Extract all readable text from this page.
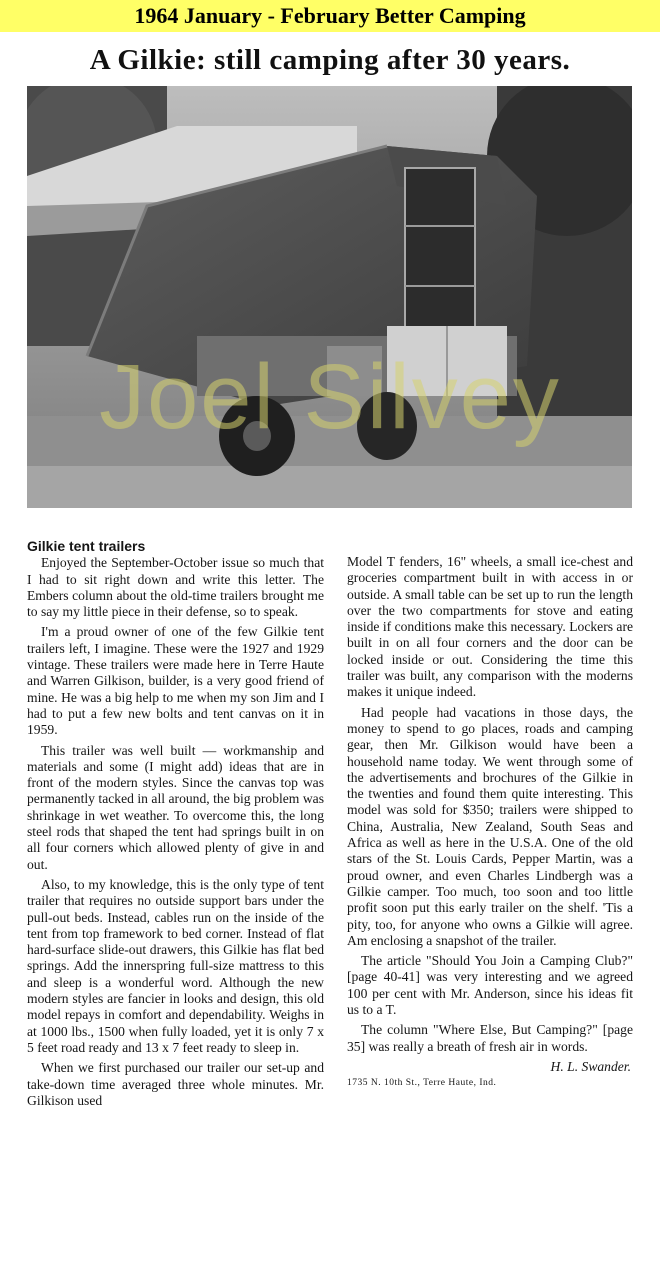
1964 January - February Better Camping
A Gilkie: still camping after 30 years.
Joel Silvey
Gilkie tent trailers

Enjoyed the September-October issue so much that I had to sit right down and write this letter. The Embers column about the old-time trailers brought me to say my little piece in their defense, so to speak.

I'm a proud owner of one of the few Gilkie tent trailers left, I imagine. These were the 1927 and 1929 vintage. These trailers were made here in Terre Haute and Warren Gilkison, builder, is a very good friend of mine. He was a big help to me when my son Jim and I had to put a few new bolts and tent canvas on it in 1959.

This trailer was well built — workmanship and materials and some (I might add) ideas that are in front of the modern styles. Since the canvas top was permanently tacked in all around, the big problem was shrinkage in wet weather. To overcome this, the long steel rods that shaped the tent had springs built in on all four corners which allowed plenty of give in and out.

Also, to my knowledge, this is the only type of tent trailer that requires no outside support bars under the pull-out beds. Instead, cables run on the inside of the tent from top framework to bed corner. Instead of flat hard-surface slide-out drawers, this Gilkie has flat bed springs. Add the innerspring full-size mattress to this and sleep is a wonderful word. Although the new modern styles are fancier in looks and design, this old model repays in comfort and dependability. Weighs in at 1000 lbs., 1500 when fully loaded, yet it is only 7 x 5 feet road ready and 13 x 7 feet ready to sleep in.

When we first purchased our trailer our set-up and take-down time averaged three whole minutes. Mr. Gilkison used

Model T fenders, 16" wheels, a small ice-chest and groceries compartment built in with access in or outside. A small table can be set up to run the length over the two compartments for stove and eating inside if conditions make this necessary. Lockers are built in on all four corners and the door can be locked inside or out. Considering the time this trailer was built, any comparison with the moderns makes it unique indeed.

Had people had vacations in those days, the money to spend to go places, roads and camping gear, then Mr. Gilkison would have been a household name today. We went through some of the advertisements and brochures of the Gilkie in the twenties and found them quite interesting. This model was sold for $350; trailers were shipped to China, Australia, New Zealand, South Seas and Africa as well as here in the U.S.A. One of the old stars of the St. Louis Cards, Pepper Martin, was a proud owner, and even Charles Lindbergh was a Gilkie camper. Too much, too soon and too little profit soon put this early trailer on the shelf. 'Tis a pity, too, for anyone who owns a Gilkie will agree. Am enclosing a snapshot of the trailer.

The article "Should You Join a Camping Club?" [page 40-41] was very interesting and we agreed 100 per cent with Mr. Anderson, since his ideas fit us to a T.

The column "Where Else, But Camping?" [page 35] was really a breath of fresh air in words.

H. L. Swander.
1735 N. 10th St., Terre Haute, Ind.
